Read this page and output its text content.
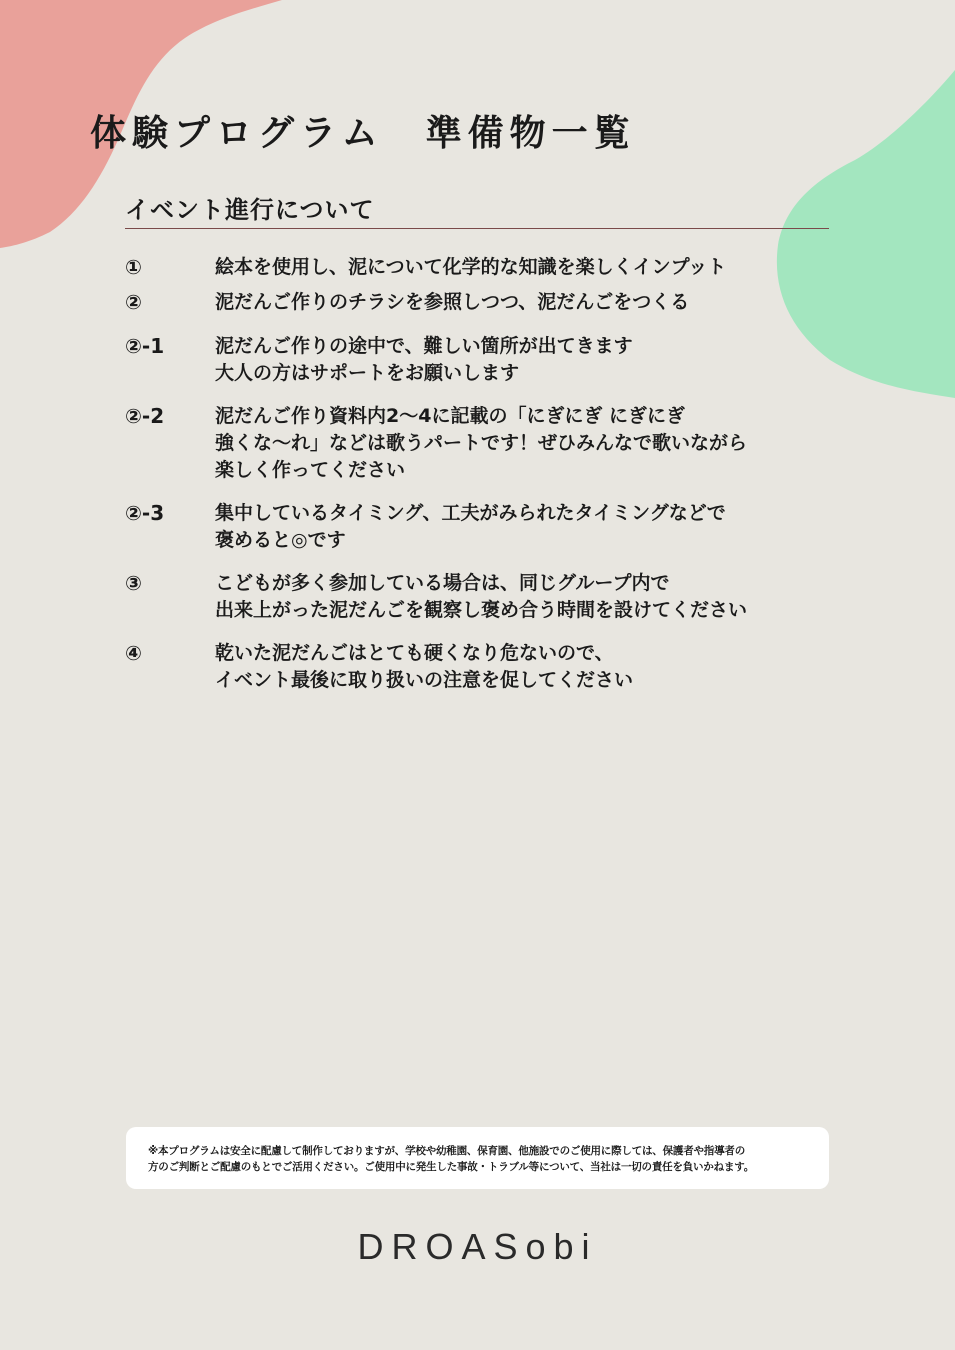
体験プログラム　準備物一覧
イベント進行について
①	絵本を使用し、泥について化学的な知識を楽しくインプット
②	泥だんご作りのチラシを参照しつつ、泥だんごをつくる
②-1	泥だんご作りの途中で、難しい箇所が出てきます
大人の方はサポートをお願いします
②-2	泥だんご作り資料内2〜4に記載の「にぎにぎ にぎにぎ
強くな〜れ」などは歌うパートです！ぜひみんなで歌いながら
楽しく作ってください
②-3	集中しているタイミング、工夫がみられたタイミングなどで
褒めると◎です
③	こどもが多く参加している場合は、同じグループ内で
出来上がった泥だんごを観察し褒め合う時間を設けてください
④	乾いた泥だんごはとても硬くなり危ないので、
イベント最後に取り扱いの注意を促してください
※本プログラムは安全に配慮して制作しておりますが、学校や幼稚園、保育園、他施設でのご使用に際しては、保護者や指導者の
方のご判断とご配慮のもとでご活用ください。ご使用中に発生した事故・トラブル等について、当社は一切の責任を負いかねます。
DROASobi
